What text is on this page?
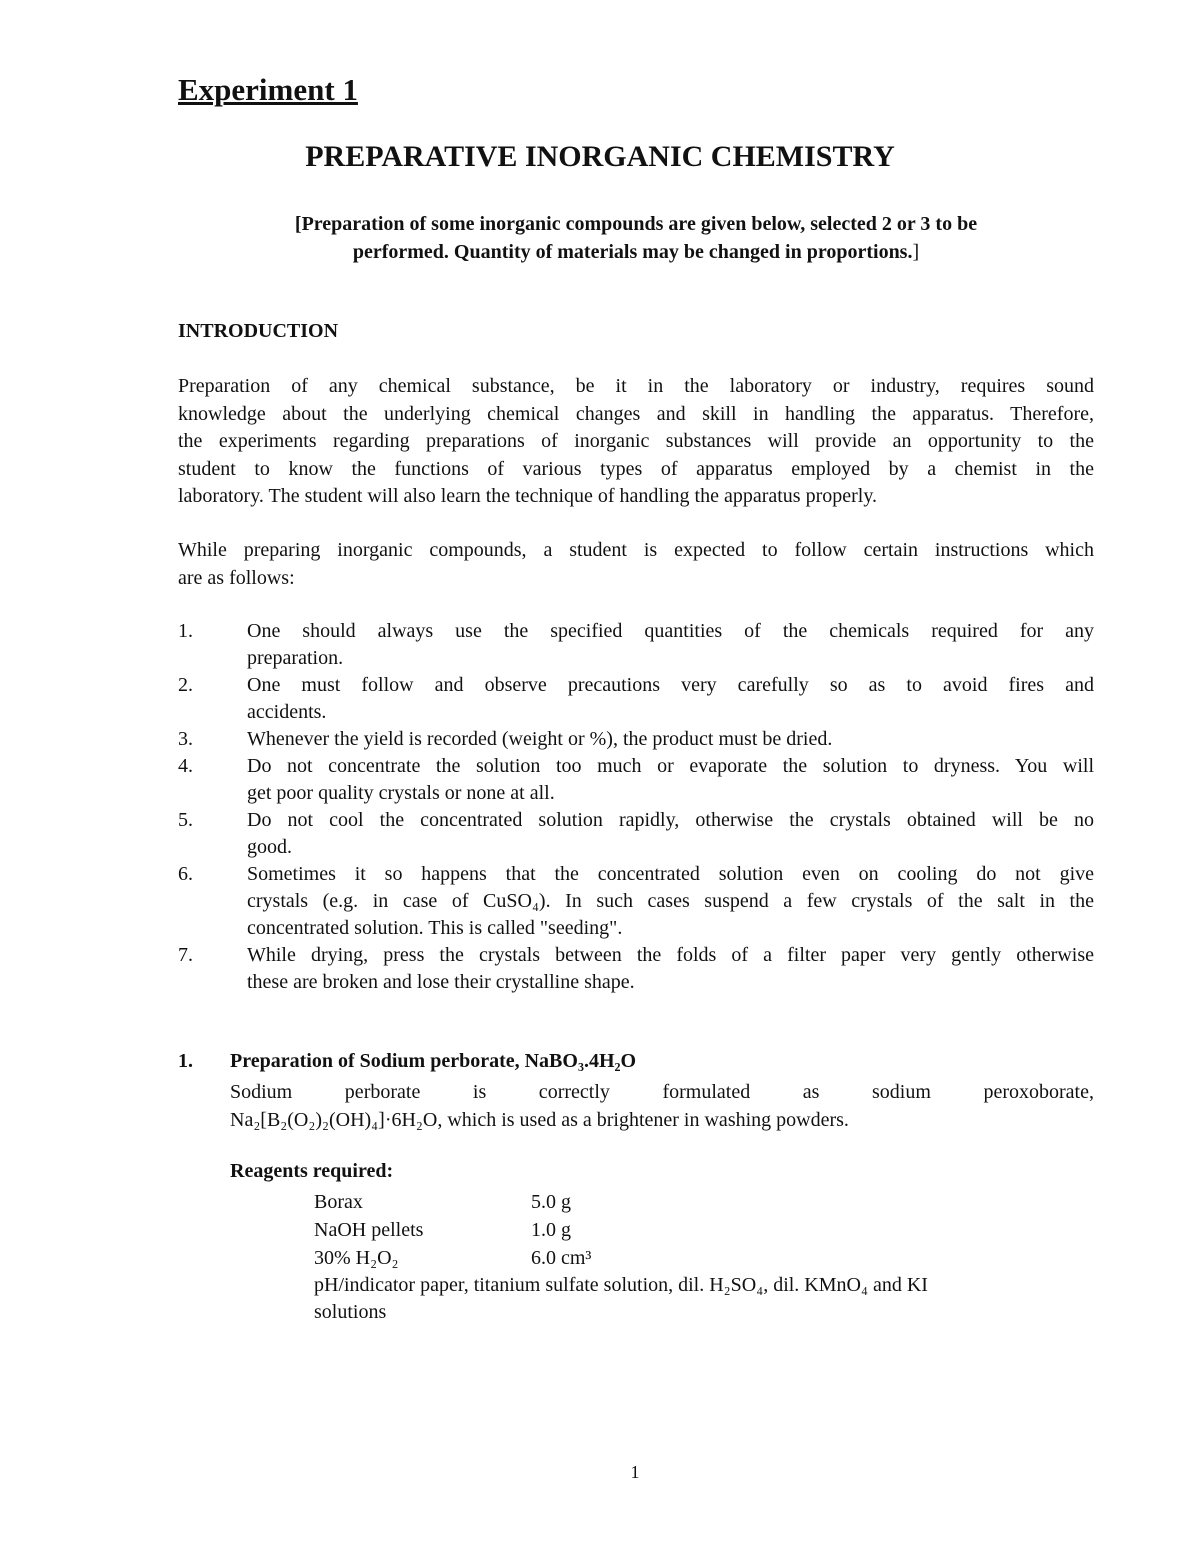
Experiment 1
PREPARATIVE INORGANIC CHEMISTRY
[Preparation of some inorganic compounds are given below, selected 2 or 3 to be
performed. Quantity of materials may be changed in proportions.]
INTRODUCTION

Preparation of any chemical substance, be it in the laboratory or industry, requires sound
knowledge about the underlying chemical changes and skill in handling the apparatus. Therefore,
the experiments regarding preparations of inorganic substances will provide an opportunity to the
student to know the functions of various types of apparatus employed by a chemist in the
laboratory. The student will also learn the technique of handling the apparatus properly.

While preparing inorganic compounds, a student is expected to follow certain instructions which
are as follows:

1.	One should always use the specified quantities of the chemicals required for any
preparation.
2.	One must follow and observe precautions very carefully so as to avoid fires and
accidents.
3.	Whenever the yield is recorded (weight or %), the product must be dried.
4.	Do not concentrate the solution too much or evaporate the solution to dryness. You will
get poor quality crystals or none at all.
5.	Do not cool the concentrated solution rapidly, otherwise the crystals obtained will be no
good.
6.	Sometimes it so happens that the concentrated solution even on cooling do not give
crystals (e.g. in case of CuSO₄). In such cases suspend a few crystals of the salt in the
concentrated solution. This is called "seeding".
7.	While drying, press the crystals between the folds of a filter paper very gently otherwise
these are broken and lose their crystalline shape.
1. Preparation of Sodium perborate, NaBO₃.4H₂O

Sodium perborate is correctly formulated as sodium peroxoborate,
Na₂[B₂(O₂)₂(OH)₄]·6H₂O, which is used as a brightener in washing powders.

Reagents required:
Borax	5.0 g
NaOH pellets	1.0 g
30% H₂O₂	6.0 cm³

pH/indicator paper, titanium sulfate solution, dil. H₂SO₄, dil. KMnO₄ and KI
solutions

1
